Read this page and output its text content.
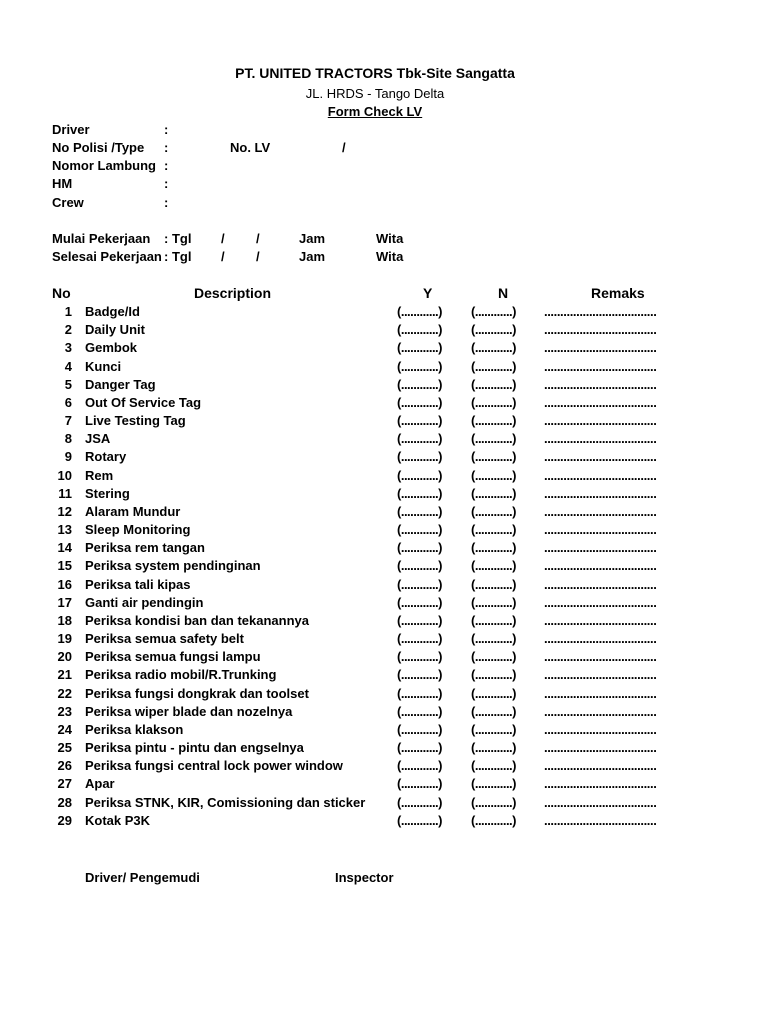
PT. UNITED TRACTORS Tbk-Site Sangatta
JL. HRDS - Tango Delta
Form Check LV
Driver	:
No Polisi /Type :	No. LV	/
Nomor Lambung :
HM	:
Crew	:
Mulai Pekerjaan : Tgl / /	Jam	Wita
Selesai Pekerjaan : Tgl / /	Jam	Wita
No	Description	Y	N	Remaks
1 Badge/Id	(............) (............) ...................................
2 Daily Unit	(............) (............) ...................................
3 Gembok	(............) (............) ...................................
4 Kunci	(............) (............) ...................................
5 Danger Tag	(............) (............) ...................................
6 Out Of Service Tag	(............) (............) ...................................
7 Live Testing Tag	(............) (............) ...................................
8 JSA	(............) (............) ...................................
9 Rotary	(............) (............) ...................................
10 Rem	(............) (............) ...................................
11 Stering	(............) (............) ...................................
12 Alaram Mundur	(............) (............) ...................................
13 Sleep Monitoring	(............) (............) ...................................
14 Periksa rem tangan	(............) (............) ...................................
15 Periksa system pendinginan	(............) (............) ...................................
16 Periksa tali kipas	(............) (............) ...................................
17 Ganti air pendingin	(............) (............) ...................................
18 Periksa kondisi ban dan tekanannya	(............) (............) ...................................
19 Periksa semua safety belt	(............) (............) ...................................
20 Periksa semua fungsi lampu	(............) (............) ...................................
21 Periksa radio mobil/R.Trunking	(............) (............) ...................................
22 Periksa fungsi dongkrak dan toolset	(............) (............) ...................................
23 Periksa wiper blade dan nozelnya	(............) (............) ...................................
24 Periksa klakson	(............) (............) ...................................
25 Periksa pintu - pintu dan engselnya	(............) (............) ...................................
26 Periksa fungsi central lock power window	(............) (............) ...................................
27 Apar	(............) (............) ...................................
28 Periksa STNK, KIR, Comissioning dan sticker (............) (............) ...................................
29 Kotak P3K	(............) (............) ...................................
Driver/ Pengemudi	Inspector
